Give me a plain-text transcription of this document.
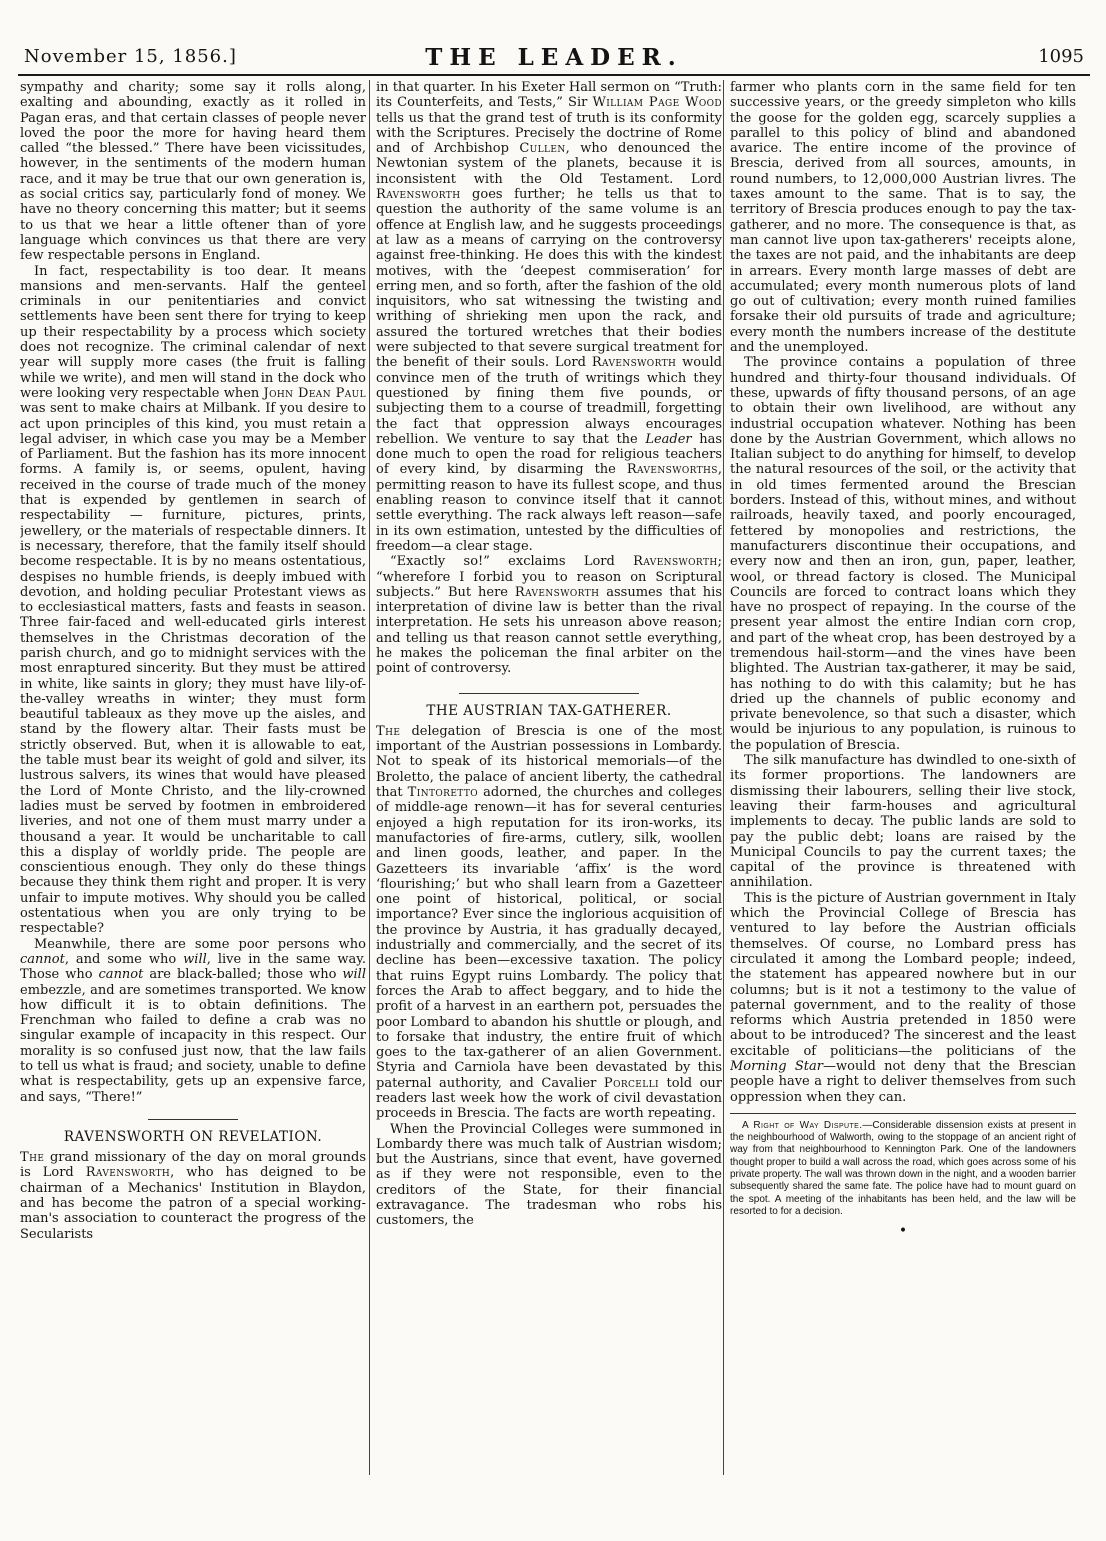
November 15, 1856.]	THE LEADER.	1095

sympathy and charity; some say it rolls along, exalting and abounding, exactly as it rolled in Pagan eras, and that certain classes of people never loved the poor the more for having heard them called “the blessed.” There have been vicissitudes, however, in the sentiments of the modern human race, and it may be true that our own generation is, as social critics say, particularly fond of money. We have no theory concerning this matter; but it seems to us that we hear a little oftener than of yore language which convinces us that there are very few respectable persons in England.

In fact, respectability is too dear. It means mansions and men-servants. Half the genteel criminals in our penitentiaries and convict settlements have been sent there for trying to keep up their respectability by a process which society does not recognize. The criminal calendar of next year will supply more cases (the fruit is falling while we write), and men will stand in the dock who were looking very respectable when John Dean Paul was sent to make chairs at Milbank. If you desire to act upon principles of this kind, you must retain a legal adviser, in which case you may be a Member of Parliament. But the fashion has its more innocent forms. A family is, or seems, opulent, having received in the course of trade much of the money that is expended by gentlemen in search of respectability — furniture, pictures, prints, jewellery, or the materials of respectable dinners. It is necessary, therefore, that the family itself should become respectable. It is by no means ostentatious, despises no humble friends, is deeply imbued with devotion, and holding peculiar Protestant views as to ecclesiastical matters, fasts and feasts in season. Three fair-faced and well-educated girls interest themselves in the Christmas decoration of the parish church, and go to midnight services with the most enraptured sincerity. But they must be attired in white, like saints in glory; they must have lily-of-the-valley wreaths in winter; they must form beautiful tableaux as they move up the aisles, and stand by the flowery altar. Their fasts must be strictly observed. But, when it is allowable to eat, the table must bear its weight of gold and silver, its lustrous salvers, its wines that would have pleased the Lord of Monte Christo, and the lily-crowned ladies must be served by footmen in embroidered liveries, and not one of them must marry under a thousand a year. It would be uncharitable to call this a display of worldly pride. The people are conscientious enough. They only do these things because they think them right and proper. It is very unfair to impute motives. Why should you be called ostentatious when you are only trying to be respectable?

Meanwhile, there are some poor persons who cannot, and some who will, live in the same way. Those who cannot are black-balled; those who will embezzle, and are sometimes transported. We know how difficult it is to obtain definitions. The Frenchman who failed to define a crab was no singular example of incapacity in this respect. Our morality is so confused just now, that the law fails to tell us what is fraud; and society, unable to define what is respectability, gets up an expensive farce, and says, “There!”

RAVENSWORTH ON REVELATION.

The grand missionary of the day on moral grounds is Lord Ravensworth, who has deigned to be chairman of a Mechanics' Institution in Blaydon, and has become the patron of a special working-man's association to counteract the progress of the Secularists

in that quarter. In his Exeter Hall sermon on “Truth: its Counterfeits, and Tests,” Sir William Page Wood tells us that the grand test of truth is its conformity with the Scriptures. Precisely the doctrine of Rome and of Archbishop Cullen, who denounced the Newtonian system of the planets, because it is inconsistent with the Old Testament. Lord Ravensworth goes further; he tells us that to question the authority of the same volume is an offence at English law, and he suggests proceedings at law as a means of carrying on the controversy against free-thinking. He does this with the kindest motives, with the ‘deepest commiseration’ for erring men, and so forth, after the fashion of the old inquisitors, who sat witnessing the twisting and writhing of shrieking men upon the rack, and assured the tortured wretches that their bodies were subjected to that severe surgical treatment for the benefit of their souls. Lord Ravensworth would convince men of the truth of writings which they questioned by fining them five pounds, or subjecting them to a course of treadmill, forgetting the fact that oppression always encourages rebellion. We venture to say that the Leader has done much to open the road for religious teachers of every kind, by disarming the Ravensworths, permitting reason to have its fullest scope, and thus enabling reason to convince itself that it cannot settle everything. The rack always left reason—safe in its own estimation, untested by the difficulties of freedom—a clear stage.

“Exactly so!” exclaims Lord Ravensworth; “wherefore I forbid you to reason on Scriptural subjects.” But here Ravensworth assumes that his interpretation of divine law is better than the rival interpretation. He sets his unreason above reason; and telling us that reason cannot settle everything, he makes the policeman the final arbiter on the point of controversy.

THE AUSTRIAN TAX-GATHERER.

The delegation of Brescia is one of the most important of the Austrian possessions in Lombardy. Not to speak of its historical memorials—of the Broletto, the palace of ancient liberty, the cathedral that Tintoretto adorned, the churches and colleges of middle-age renown—it has for several centuries enjoyed a high reputation for its iron-works, its manufactories of fire-arms, cutlery, silk, woollen and linen goods, leather, and paper. In the Gazetteers its invariable ‘affix’ is the word ‘flourishing;’ but who shall learn from a Gazetteer one point of historical, political, or social importance? Ever since the inglorious acquisition of the province by Austria, it has gradually decayed, industrially and commercially, and the secret of its decline has been—excessive taxation. The policy that ruins Egypt ruins Lombardy. The policy that forces the Arab to affect beggary, and to hide the profit of a harvest in an earthern pot, persuades the poor Lombard to abandon his shuttle or plough, and to forsake that industry, the entire fruit of which goes to the tax-gatherer of an alien Government. Styria and Carniola have been devastated by this paternal authority, and Cavalier Porcelli told our readers last week how the work of civil devastation proceeds in Brescia. The facts are worth repeating.

When the Provincial Colleges were summoned in Lombardy there was much talk of Austrian wisdom; but the Austrians, since that event, have governed as if they were not responsible, even to the creditors of the State, for their financial extravagance. The tradesman who robs his customers, the

farmer who plants corn in the same field for ten successive years, or the greedy simpleton who kills the goose for the golden egg, scarcely supplies a parallel to this policy of blind and abandoned avarice. The entire income of the province of Brescia, derived from all sources, amounts, in round numbers, to 12,000,000 Austrian livres. The taxes amount to the same. That is to say, the territory of Brescia produces enough to pay the tax-gatherer, and no more. The consequence is that, as man cannot live upon tax-gatherers' receipts alone, the taxes are not paid, and the inhabitants are deep in arrears. Every month large masses of debt are accumulated; every month numerous plots of land go out of cultivation; every month ruined families forsake their old pursuits of trade and agriculture; every month the numbers increase of the destitute and the unemployed.

The province contains a population of three hundred and thirty-four thousand individuals. Of these, upwards of fifty thousand persons, of an age to obtain their own livelihood, are without any industrial occupation whatever. Nothing has been done by the Austrian Government, which allows no Italian subject to do anything for himself, to develop the natural resources of the soil, or the activity that in old times fermented around the Brescian borders. Instead of this, without mines, and without railroads, heavily taxed, and poorly encouraged, fettered by monopolies and restrictions, the manufacturers discontinue their occupations, and every now and then an iron, gun, paper, leather, wool, or thread factory is closed. The Municipal Councils are forced to contract loans which they have no prospect of repaying. In the course of the present year almost the entire Indian corn crop, and part of the wheat crop, has been destroyed by a tremendous hail-storm—and the vines have been blighted. The Austrian tax-gatherer, it may be said, has nothing to do with this calamity; but he has dried up the channels of public economy and private benevolence, so that such a disaster, which would be injurious to any population, is ruinous to the population of Brescia.

The silk manufacture has dwindled to one-sixth of its former proportions. The landowners are dismissing their labourers, selling their live stock, leaving their farm-houses and agricultural implements to decay. The public lands are sold to pay the public debt; loans are raised by the Municipal Councils to pay the current taxes; the capital of the province is threatened with annihilation.

This is the picture of Austrian government in Italy which the Provincial College of Brescia has ventured to lay before the Austrian officials themselves. Of course, no Lombard press has circulated it among the Lombard people; indeed, the statement has appeared nowhere but in our columns; but is it not a testimony to the value of paternal government, and to the reality of those reforms which Austria pretended in 1850 were about to be introduced? The sincerest and the least excitable of politicians—the politicians of the Morning Star—would not deny that the Brescian people have a right to deliver themselves from such oppression when they can.

A Right of Way Dispute.—Considerable dissension exists at present in the neighbourhood of Walworth, owing to the stoppage of an ancient right of way from that neighbourhood to Kennington Park. One of the landowners thought proper to build a wall across the road, which goes across some of his private property. The wall was thrown down in the night, and a wooden barrier subsequently shared the same fate. The police have had to mount guard on the spot. A meeting of the inhabitants has been held, and the law will be resorted to for a decision.

•
